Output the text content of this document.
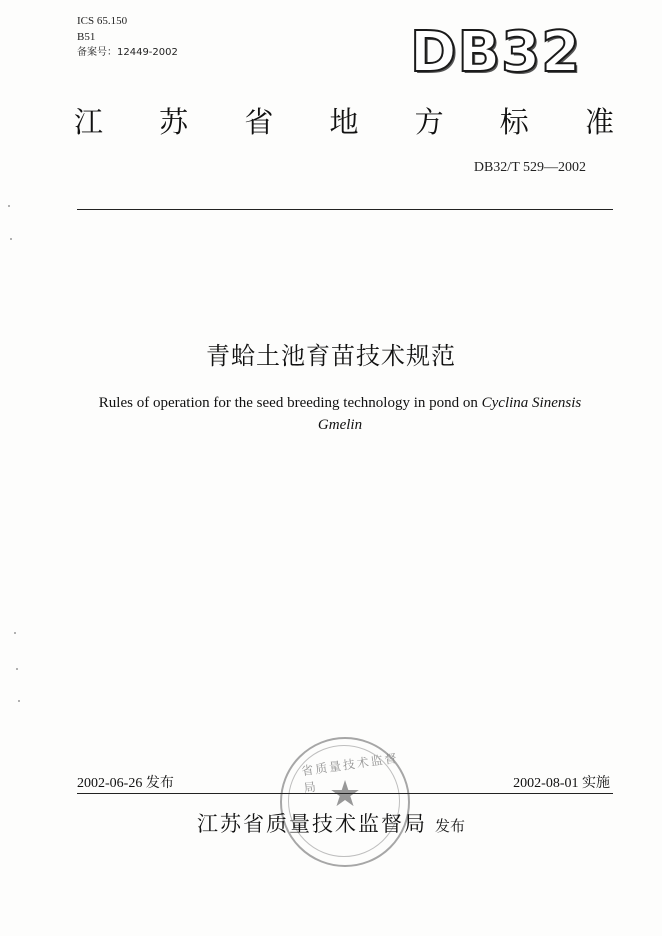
ICS 65.150
B51
备案号：12449-2002	DB32
江 苏 省 地 方 标 准
DB32/T 529—2002
青蛤土池育苗技术规范
Rules of operation for the seed breeding technology in pond on Cyclina Sinensis
Gmelin
省质量技术监督局 ★
2002-06-26 发布	2002-08-01 实施
江苏省质量技术监督局 发布
